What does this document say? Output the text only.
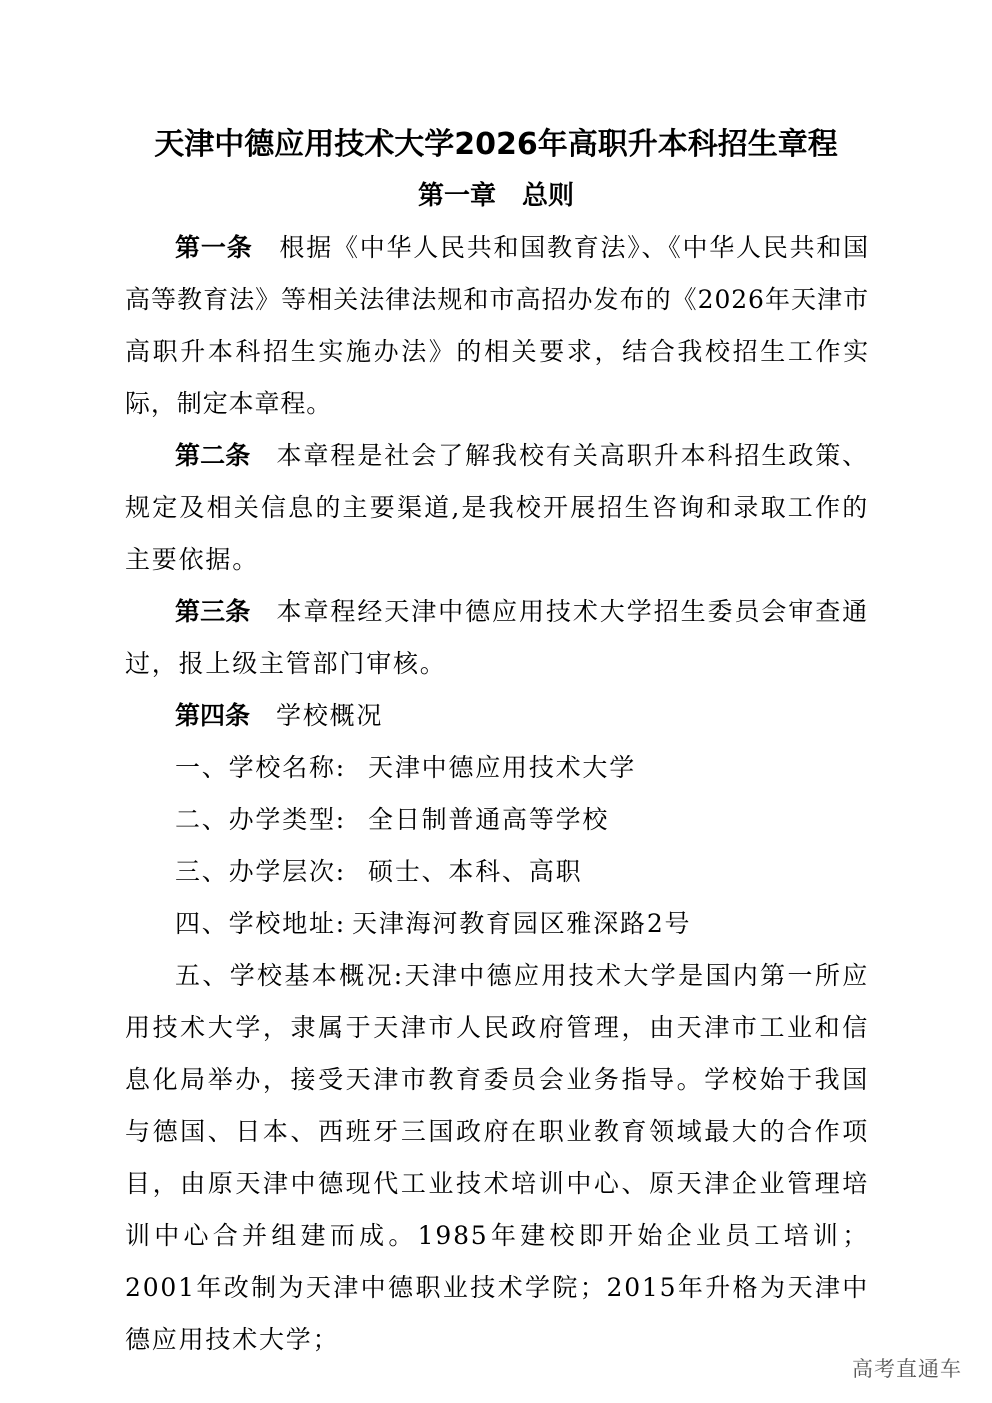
天津中德应用技术大学2026年高职升本科招生章程
第一章 总则

第一条 根据《中华人民共和国教育法》、《中华人民共和国高等教育法》等相关法律法规和市高招办发布的《2026年天津市高职升本科招生实施办法》的相关要求，结合我校招生工作实际，制定本章程。

第二条 本章程是社会了解我校有关高职升本科招生政策、规定及相关信息的主要渠道,是我校开展招生咨询和录取工作的主要依据。

第三条 本章程经天津中德应用技术大学招生委员会审查通过，报上级主管部门审核。

第四条 学校概况

一、学校名称: 天津中德应用技术大学

二、办学类型: 全日制普通高等学校

三、办学层次: 硕士、本科、高职

四、学校地址: 天津海河教育园区雅深路2号

五、学校基本概况:天津中德应用技术大学是国内第一所应用技术大学，隶属于天津市人民政府管理，由天津市工业和信息化局举办，接受天津市教育委员会业务指导。学校始于我国与德国、日本、西班牙三国政府在职业教育领域最大的合作项目，由原天津中德现代工业技术培训中心、原天津企业管理培训中心合并组建而成。1985年建校即开始企业员工培训；2001年改制为天津中德职业技术学院；2015年升格为天津中德应用技术大学；

高考直通车
